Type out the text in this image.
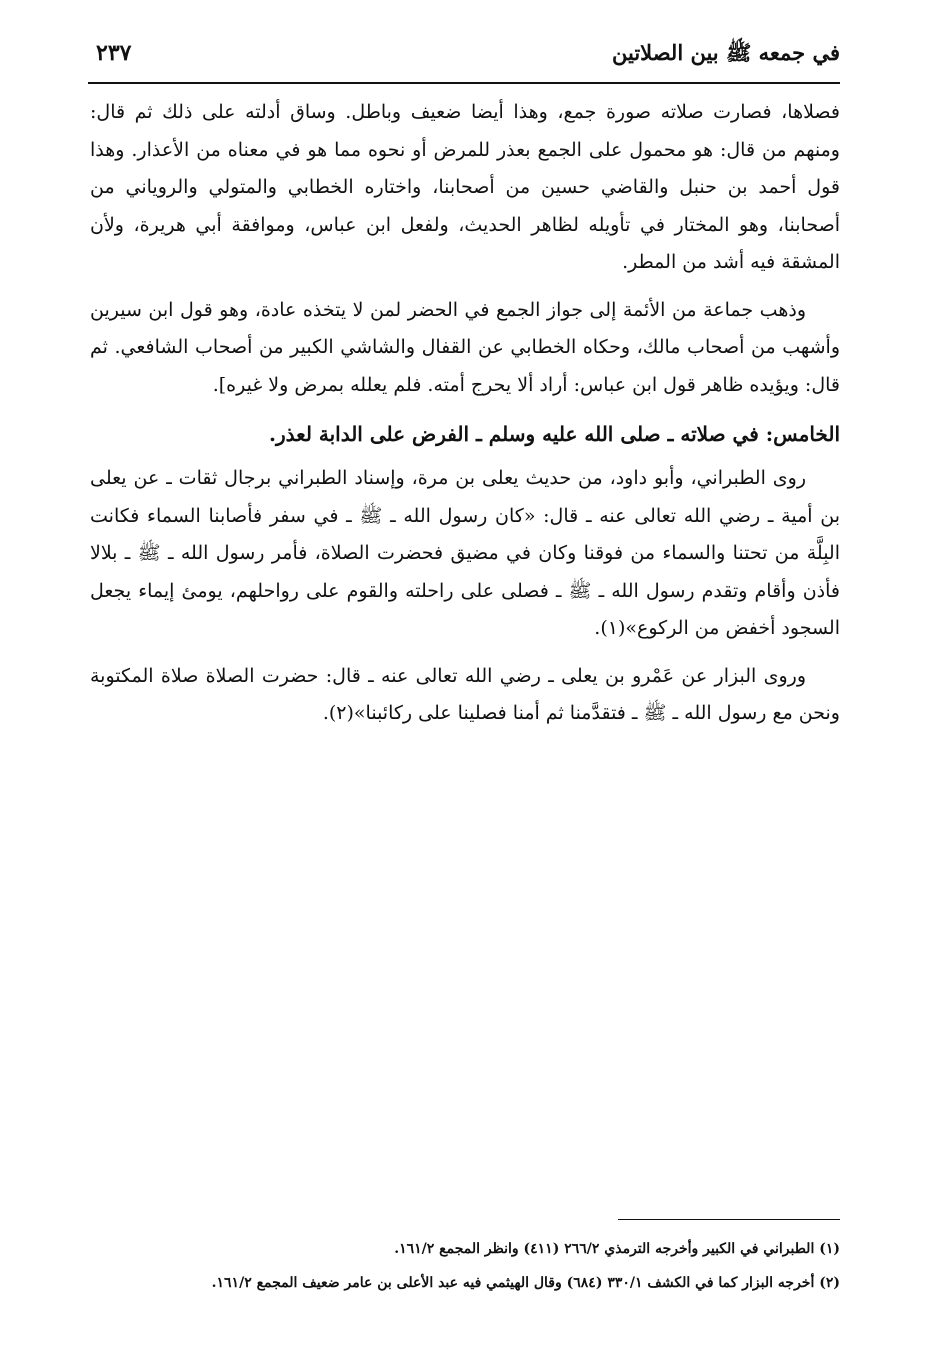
في جمعه ﷺ بين الصلاتين
٢٣٧

فصلاها، فصارت صلاته صورة جمع، وهذا أيضا ضعيف وباطل. وساق أدلته على ذلك ثم قال: ومنهم من قال: هو محمول على الجمع بعذر للمرض أو نحوه مما هو في معناه من الأعذار. وهذا قول أحمد بن حنبل والقاضي حسين من أصحابنا، واختاره الخطابي والمتولي والروياني من أصحابنا، وهو المختار في تأويله لظاهر الحديث، ولفعل ابن عباس، وموافقة أبي هريرة، ولأن المشقة فيه أشد من المطر.

وذهب جماعة من الأئمة إلى جواز الجمع في الحضر لمن لا يتخذه عادة، وهو قول ابن سيرين وأشهب من أصحاب مالك، وحكاه الخطابي عن القفال والشاشي الكبير من أصحاب الشافعي. ثم قال: ويؤيده ظاهر قول ابن عباس: أراد ألا يحرج أمته. فلم يعلله بمرض ولا غيره].

الخامس: في صلاته ـ صلى الله عليه وسلم ـ الفرض على الدابة لعذر.

روى الطبراني، وأبو داود، من حديث يعلى بن مرة، وإسناد الطبراني برجال ثقات ـ عن يعلى بن أمية ـ رضي الله تعالى عنه ـ قال: «كان رسول الله ـ ﷺ ـ في سفر فأصابنا السماء فكانت البِلَّة من تحتنا والسماء من فوقنا وكان في مضيق فحضرت الصلاة، فأمر رسول الله ـ ﷺ ـ بلالا فأذن وأقام وتقدم رسول الله ـ ﷺ ـ فصلى على راحلته والقوم على رواحلهم، يومئ إيماء يجعل السجود أخفض من الركوع»(١).

وروى البزار عن عَمْرو بن يعلى ـ رضي الله تعالى عنه ـ قال: حضرت الصلاة صلاة المكتوبة ونحن مع رسول الله ـ ﷺ ـ فتقدَّمنا ثم أمنا فصلينا على ركائبنا»(٢).

(١) الطبراني في الكبير وأخرجه الترمذي ٢٦٦/٢ (٤١١) وانظر المجمع ١٦١/٢.
(٢) أخرجه البزار كما في الكشف ٣٣٠/١ (٦٨٤) وقال الهيثمي فيه عبد الأعلى بن عامر ضعيف المجمع ١٦١/٢.
